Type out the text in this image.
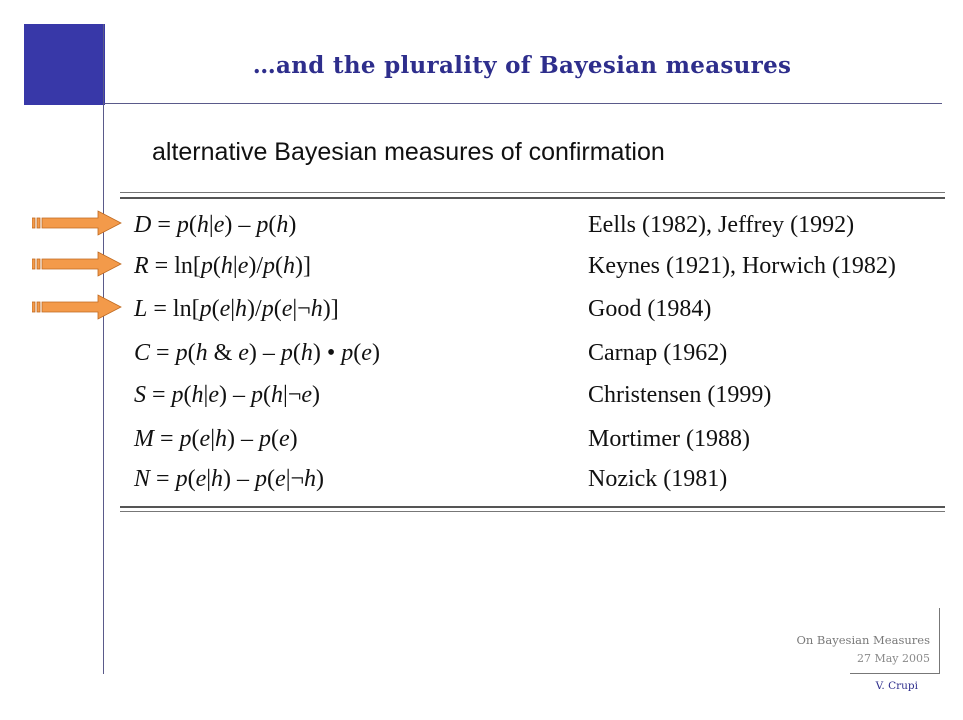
…and the plurality of Bayesian measures
alternative Bayesian measures of confirmation
D = p(h|e) – p(h)	Eells (1982), Jeffrey (1992)
R = ln[p(h|e)/p(h)]	Keynes (1921), Horwich (1982)
L = ln[p(e|h)/p(e|¬h)]	Good (1984)
C = p(h & e) – p(h) • p(e)	Carnap (1962)
S = p(h|e) – p(h|¬e)	Christensen (1999)
M = p(e|h) – p(e)	Mortimer (1988)
N = p(e|h) – p(e|¬h)	Nozick (1981)
On Bayesian Measures
27 May 2005
V. Crupi
